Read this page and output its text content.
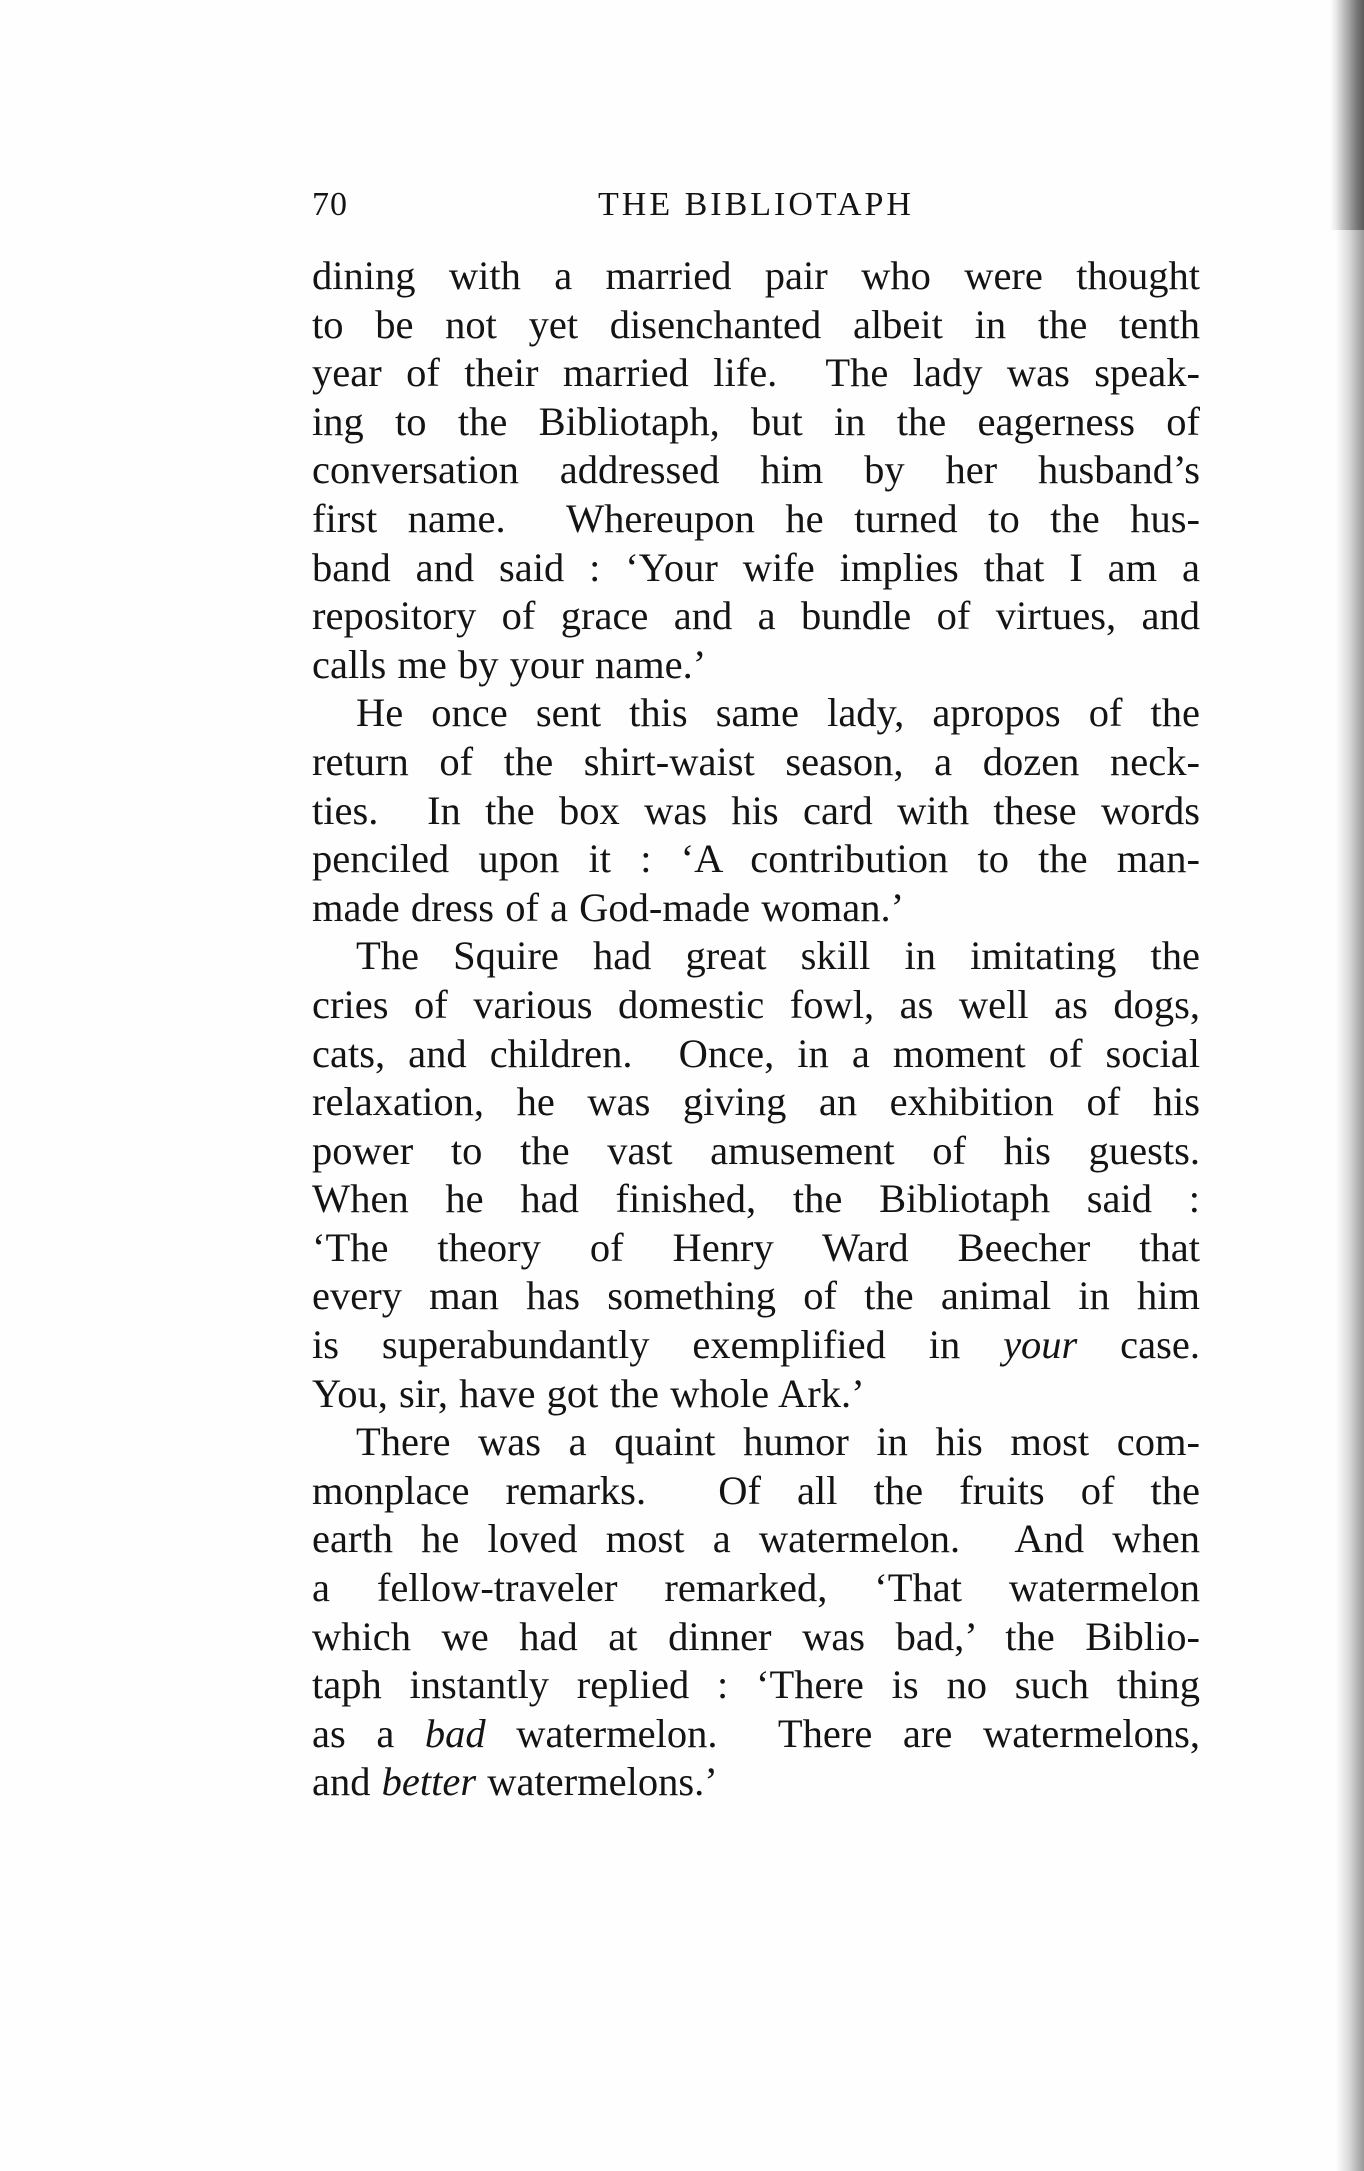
70	THE BIBLIOTAPH
dining with a married pair who were thought
to be not yet disenchanted albeit in the tenth
year of their married life.  The lady was speak-
ing to the Bibliotaph, but in the eagerness of
conversation addressed him by her husband’s
first name.  Whereupon he turned to the hus-
band and said : ‘Your wife implies that I am a
repository of grace and a bundle of virtues, and
calls me by your name.’
He once sent this same lady, apropos of the
return of the shirt-waist season, a dozen neck-
ties.  In the box was his card with these words
penciled upon it : ‘A contribution to the man-
made dress of a God-made woman.’
The Squire had great skill in imitating the
cries of various domestic fowl, as well as dogs,
cats, and children.  Once, in a moment of social
relaxation, he was giving an exhibition of his
power to the vast amusement of his guests.
When he had finished, the Bibliotaph said :
‘The theory of Henry Ward Beecher that
every man has something of the animal in him
is superabundantly exemplified in your case.
You, sir, have got the whole Ark.’
There was a quaint humor in his most com-
monplace remarks.  Of all the fruits of the
earth he loved most a watermelon.  And when
a fellow-traveler remarked, ‘That watermelon
which we had at dinner was bad,’ the Biblio-
taph instantly replied : ‘There is no such thing
as a bad watermelon.  There are watermelons,
and better watermelons.’
